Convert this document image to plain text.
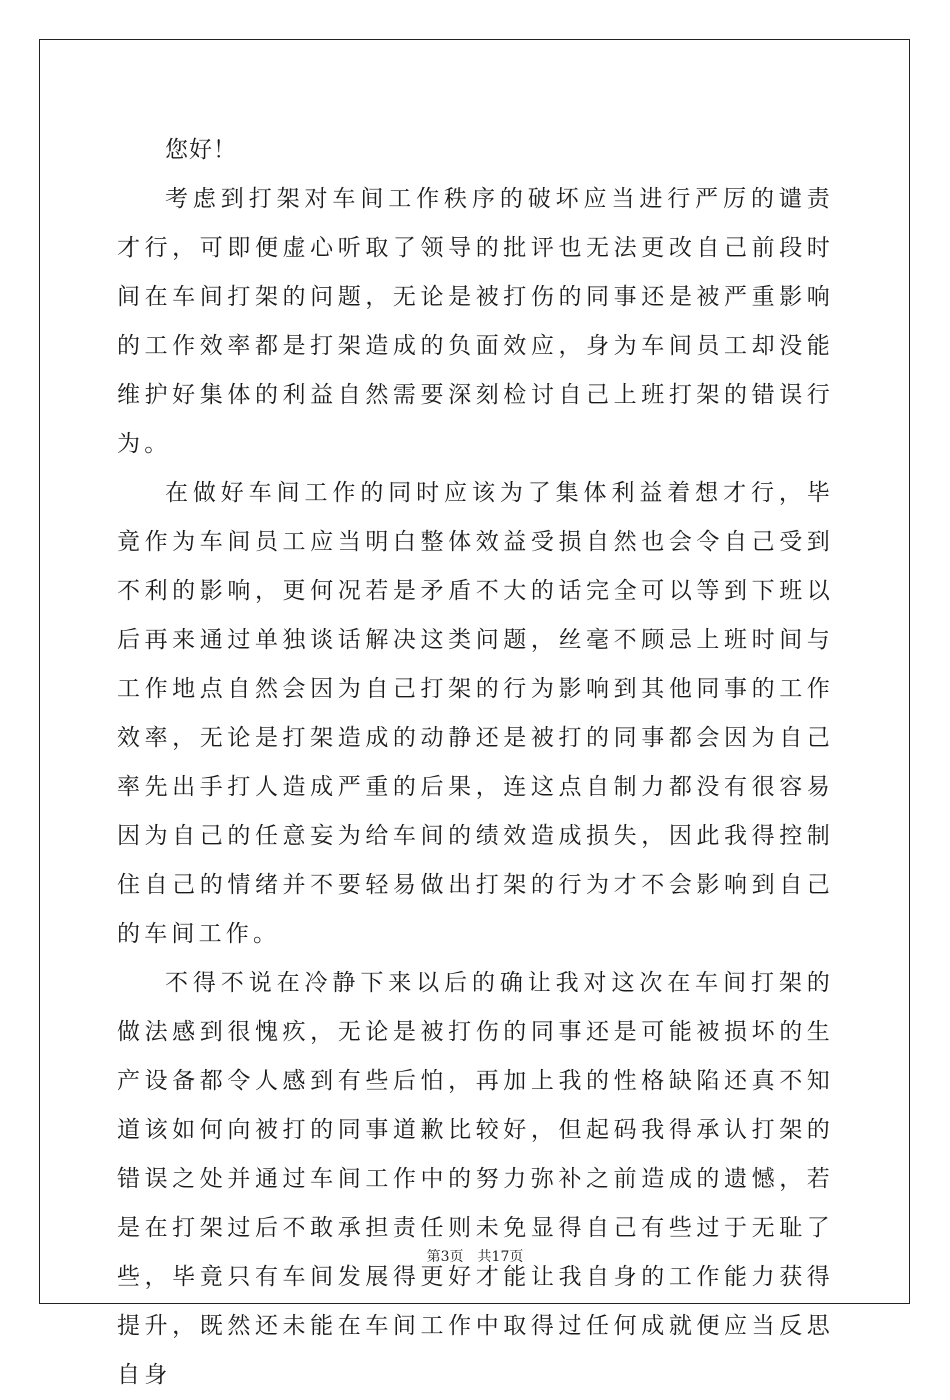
您好！

考虑到打架对车间工作秩序的破坏应当进行严厉的谴责才行，可即便虚心听取了领导的批评也无法更改自己前段时间在车间打架的问题，无论是被打伤的同事还是被严重影响的工作效率都是打架造成的负面效应，身为车间员工却没能维护好集体的利益自然需要深刻检讨自己上班打架的错误行为。

在做好车间工作的同时应该为了集体利益着想才行，毕竟作为车间员工应当明白整体效益受损自然也会令自己受到不利的影响，更何况若是矛盾不大的话完全可以等到下班以后再来通过单独谈话解决这类问题，丝毫不顾忌上班时间与工作地点自然会因为自己打架的行为影响到其他同事的工作效率，无论是打架造成的动静还是被打的同事都会因为自己率先出手打人造成严重的后果，连这点自制力都没有很容易因为自己的任意妄为给车间的绩效造成损失，因此我得控制住自己的情绪并不要轻易做出打架的行为才不会影响到自己的车间工作。

不得不说在冷静下来以后的确让我对这次在车间打架的做法感到很愧疚，无论是被打伤的同事还是可能被损坏的生产设备都令人感到有些后怕，再加上我的性格缺陷还真不知道该如何向被打的同事道歉比较好，但起码我得承认打架的错误之处并通过车间工作中的努力弥补之前造成的遗憾，若是在打架过后不敢承担责任则未免显得自己有些过于无耻了些，毕竟只有车间发展得更好才能让我自身的工作能力获得提升，既然还未能在车间工作中取得过任何成就便应当反思自身

第3页 共17页
